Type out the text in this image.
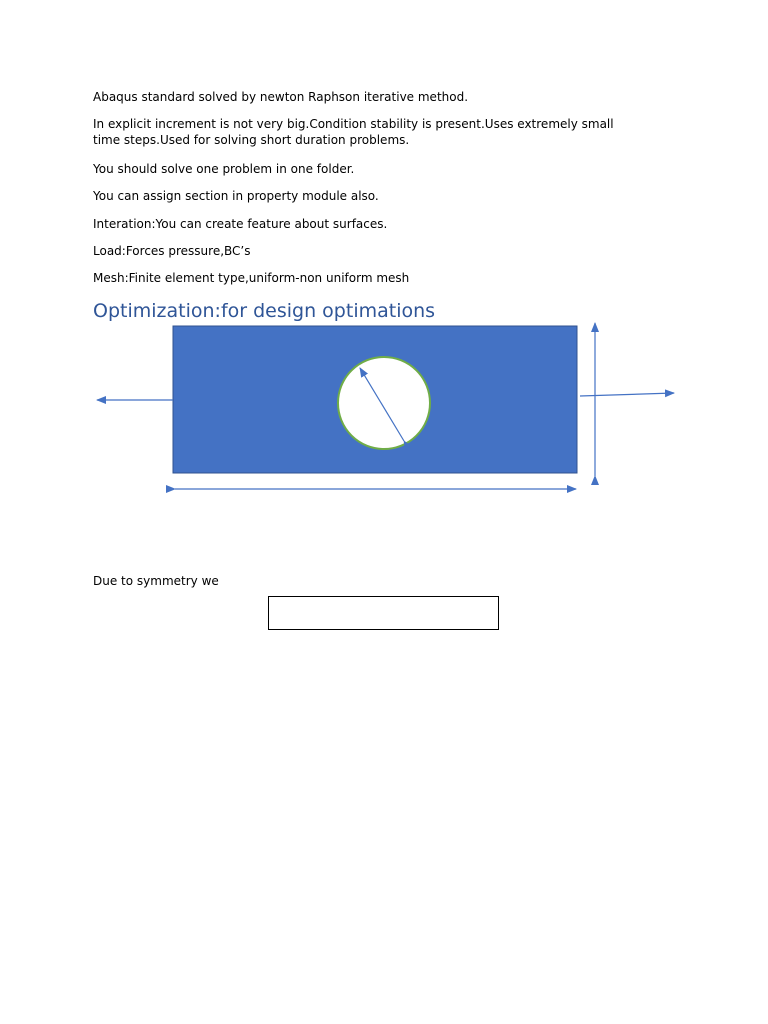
Abaqus standard solved by newton Raphson iterative method.

In explicit increment is not very big.Condition stability is present.Uses extremely small time steps.Used for solving short duration problems.

You should solve one problem in one folder.

You can assign section in property module also.

Interation:You can create feature about surfaces.

Load:Forces pressure,BC’s

Mesh:Finite element type,uniform-non uniform mesh

Optimization:for design optimations

Due to symmetry we
